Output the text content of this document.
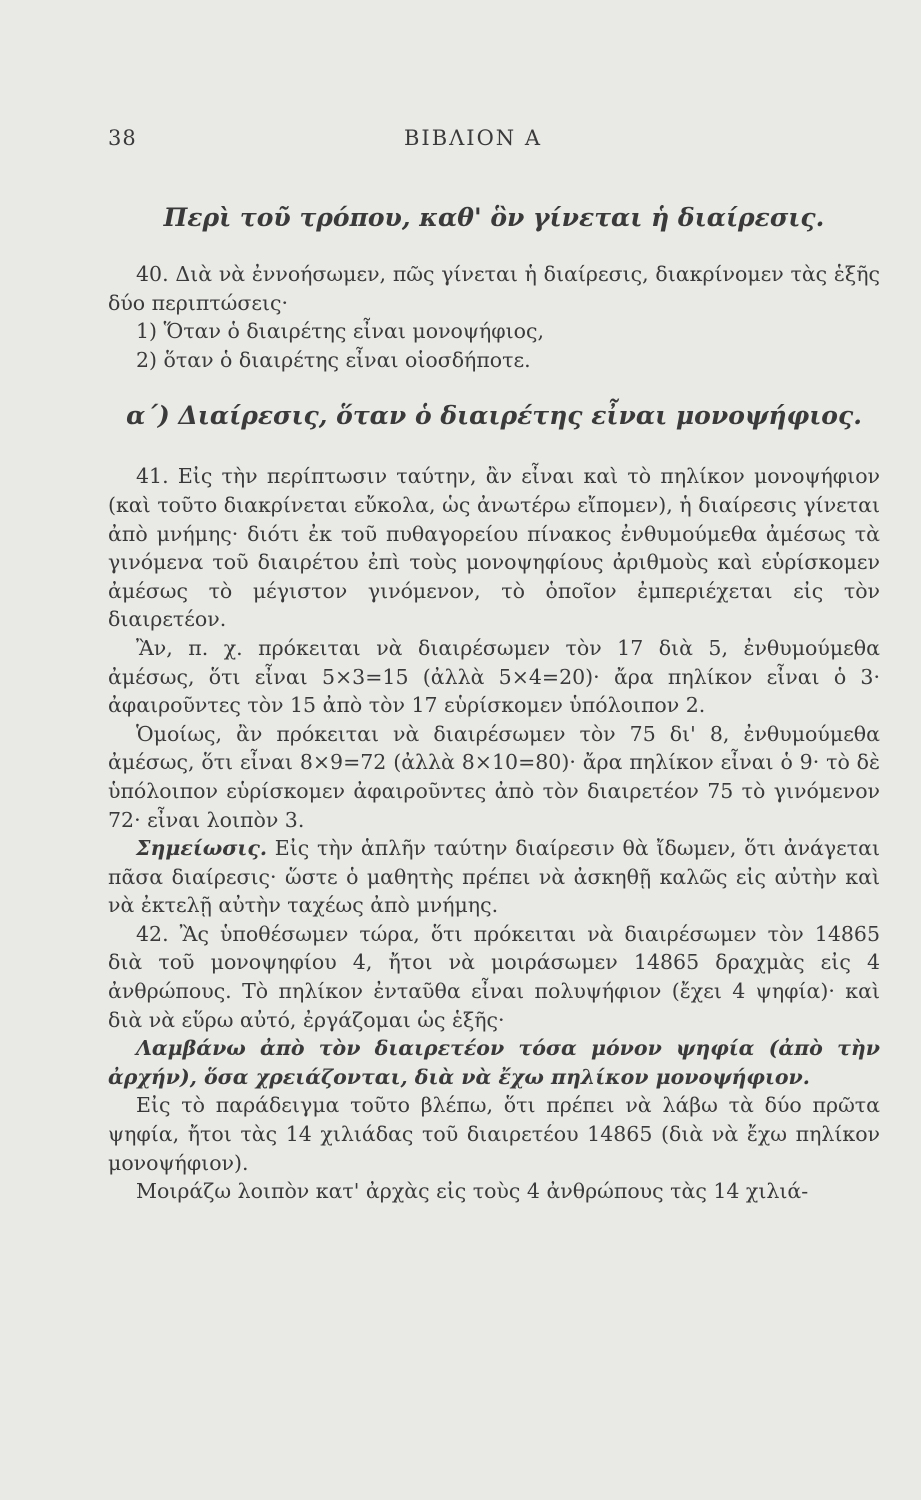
38	ΒΙΒΛΙΟΝ Α

Περὶ τοῦ τρόπου, καθ' ὃν γίνεται ἡ διαίρεσις.

40. Διὰ νὰ ἐννοήσωμεν, πῶς γίνεται ἡ διαίρεσις, διακρίνομεν τὰς ἑξῆς δύο περιπτώσεις·

1) Ὅταν ὁ διαιρέτης εἶναι μονοψήφιος,

2) ὅταν ὁ διαιρέτης εἶναι οἱοσδήποτε.

α΄) Διαίρεσις, ὅταν ὁ διαιρέτης εἶναι μονοψήφιος.

41. Εἰς τὴν περίπτωσιν ταύτην, ἂν εἶναι καὶ τὸ πηλίκον μονοψήφιον (καὶ τοῦτο διακρίνεται εὔκολα, ὡς ἀνωτέρω εἴπομεν), ἡ διαίρεσις γίνεται ἀπὸ μνήμης· διότι ἐκ τοῦ πυθαγορείου πίνακος ἐνθυμούμεθα ἀμέσως τὰ γινόμενα τοῦ διαιρέτου ἐπὶ τοὺς μονοψηφίους ἀριθμοὺς καὶ εὑρίσκομεν ἀμέσως τὸ μέγιστον γινόμενον, τὸ ὁποῖον ἐμπεριέχεται εἰς τὸν διαιρετέον.

Ἂν, π. χ. πρόκειται νὰ διαιρέσωμεν τὸν 17 διὰ 5, ἐνθυμούμεθα ἀμέσως, ὅτι εἶναι 5×3=15 (ἀλλὰ 5×4=20)· ἄρα πηλίκον εἶναι ὁ 3· ἀφαιροῦντες τὸν 15 ἀπὸ τὸν 17 εὑρίσκομεν ὑπόλοιπον 2.

Ὁμοίως, ἂν πρόκειται νὰ διαιρέσωμεν τὸν 75 δι' 8, ἐνθυμούμεθα ἀμέσως, ὅτι εἶναι 8×9=72 (ἀλλὰ 8×10=80)· ἄρα πηλίκον εἶναι ὁ 9· τὸ δὲ ὑπόλοιπον εὑρίσκομεν ἀφαιροῦντες ἀπὸ τὸν διαιρετέον 75 τὸ γινόμενον 72· εἶναι λοιπὸν 3.

Σημείωσις. Εἰς τὴν ἁπλῆν ταύτην διαίρεσιν θὰ ἴδωμεν, ὅτι ἀνάγεται πᾶσα διαίρεσις· ὥστε ὁ μαθητὴς πρέπει νὰ ἀσκηθῇ καλῶς εἰς αὐτὴν καὶ νὰ ἐκτελῇ αὐτὴν ταχέως ἀπὸ μνήμης.

42. Ἂς ὑποθέσωμεν τώρα, ὅτι πρόκειται νὰ διαιρέσωμεν τὸν 14865 διὰ τοῦ μονοψηφίου 4, ἤτοι νὰ μοιράσωμεν 14865 δραχμὰς εἰς 4 ἀνθρώπους. Τὸ πηλίκον ἐνταῦθα εἶναι πολυψήφιον (ἔχει 4 ψηφία)· καὶ διὰ νὰ εὕρω αὐτό, ἐργάζομαι ὡς ἑξῆς·

Λαμβάνω ἀπὸ τὸν διαιρετέον τόσα μόνον ψηφία (ἀπὸ τὴν ἀρχήν), ὅσα χρειάζονται, διὰ νὰ ἔχω πηλίκον μονοψήφιον.

Εἰς τὸ παράδειγμα τοῦτο βλέπω, ὅτι πρέπει νὰ λάβω τὰ δύο πρῶτα ψηφία, ἤτοι τὰς 14 χιλιάδας τοῦ διαιρετέου 14865 (διὰ νὰ ἔχω πηλίκον μονοψήφιον).

Μοιράζω λοιπὸν κατ' ἀρχὰς εἰς τοὺς 4 ἀνθρώπους τὰς 14 χιλιά-
